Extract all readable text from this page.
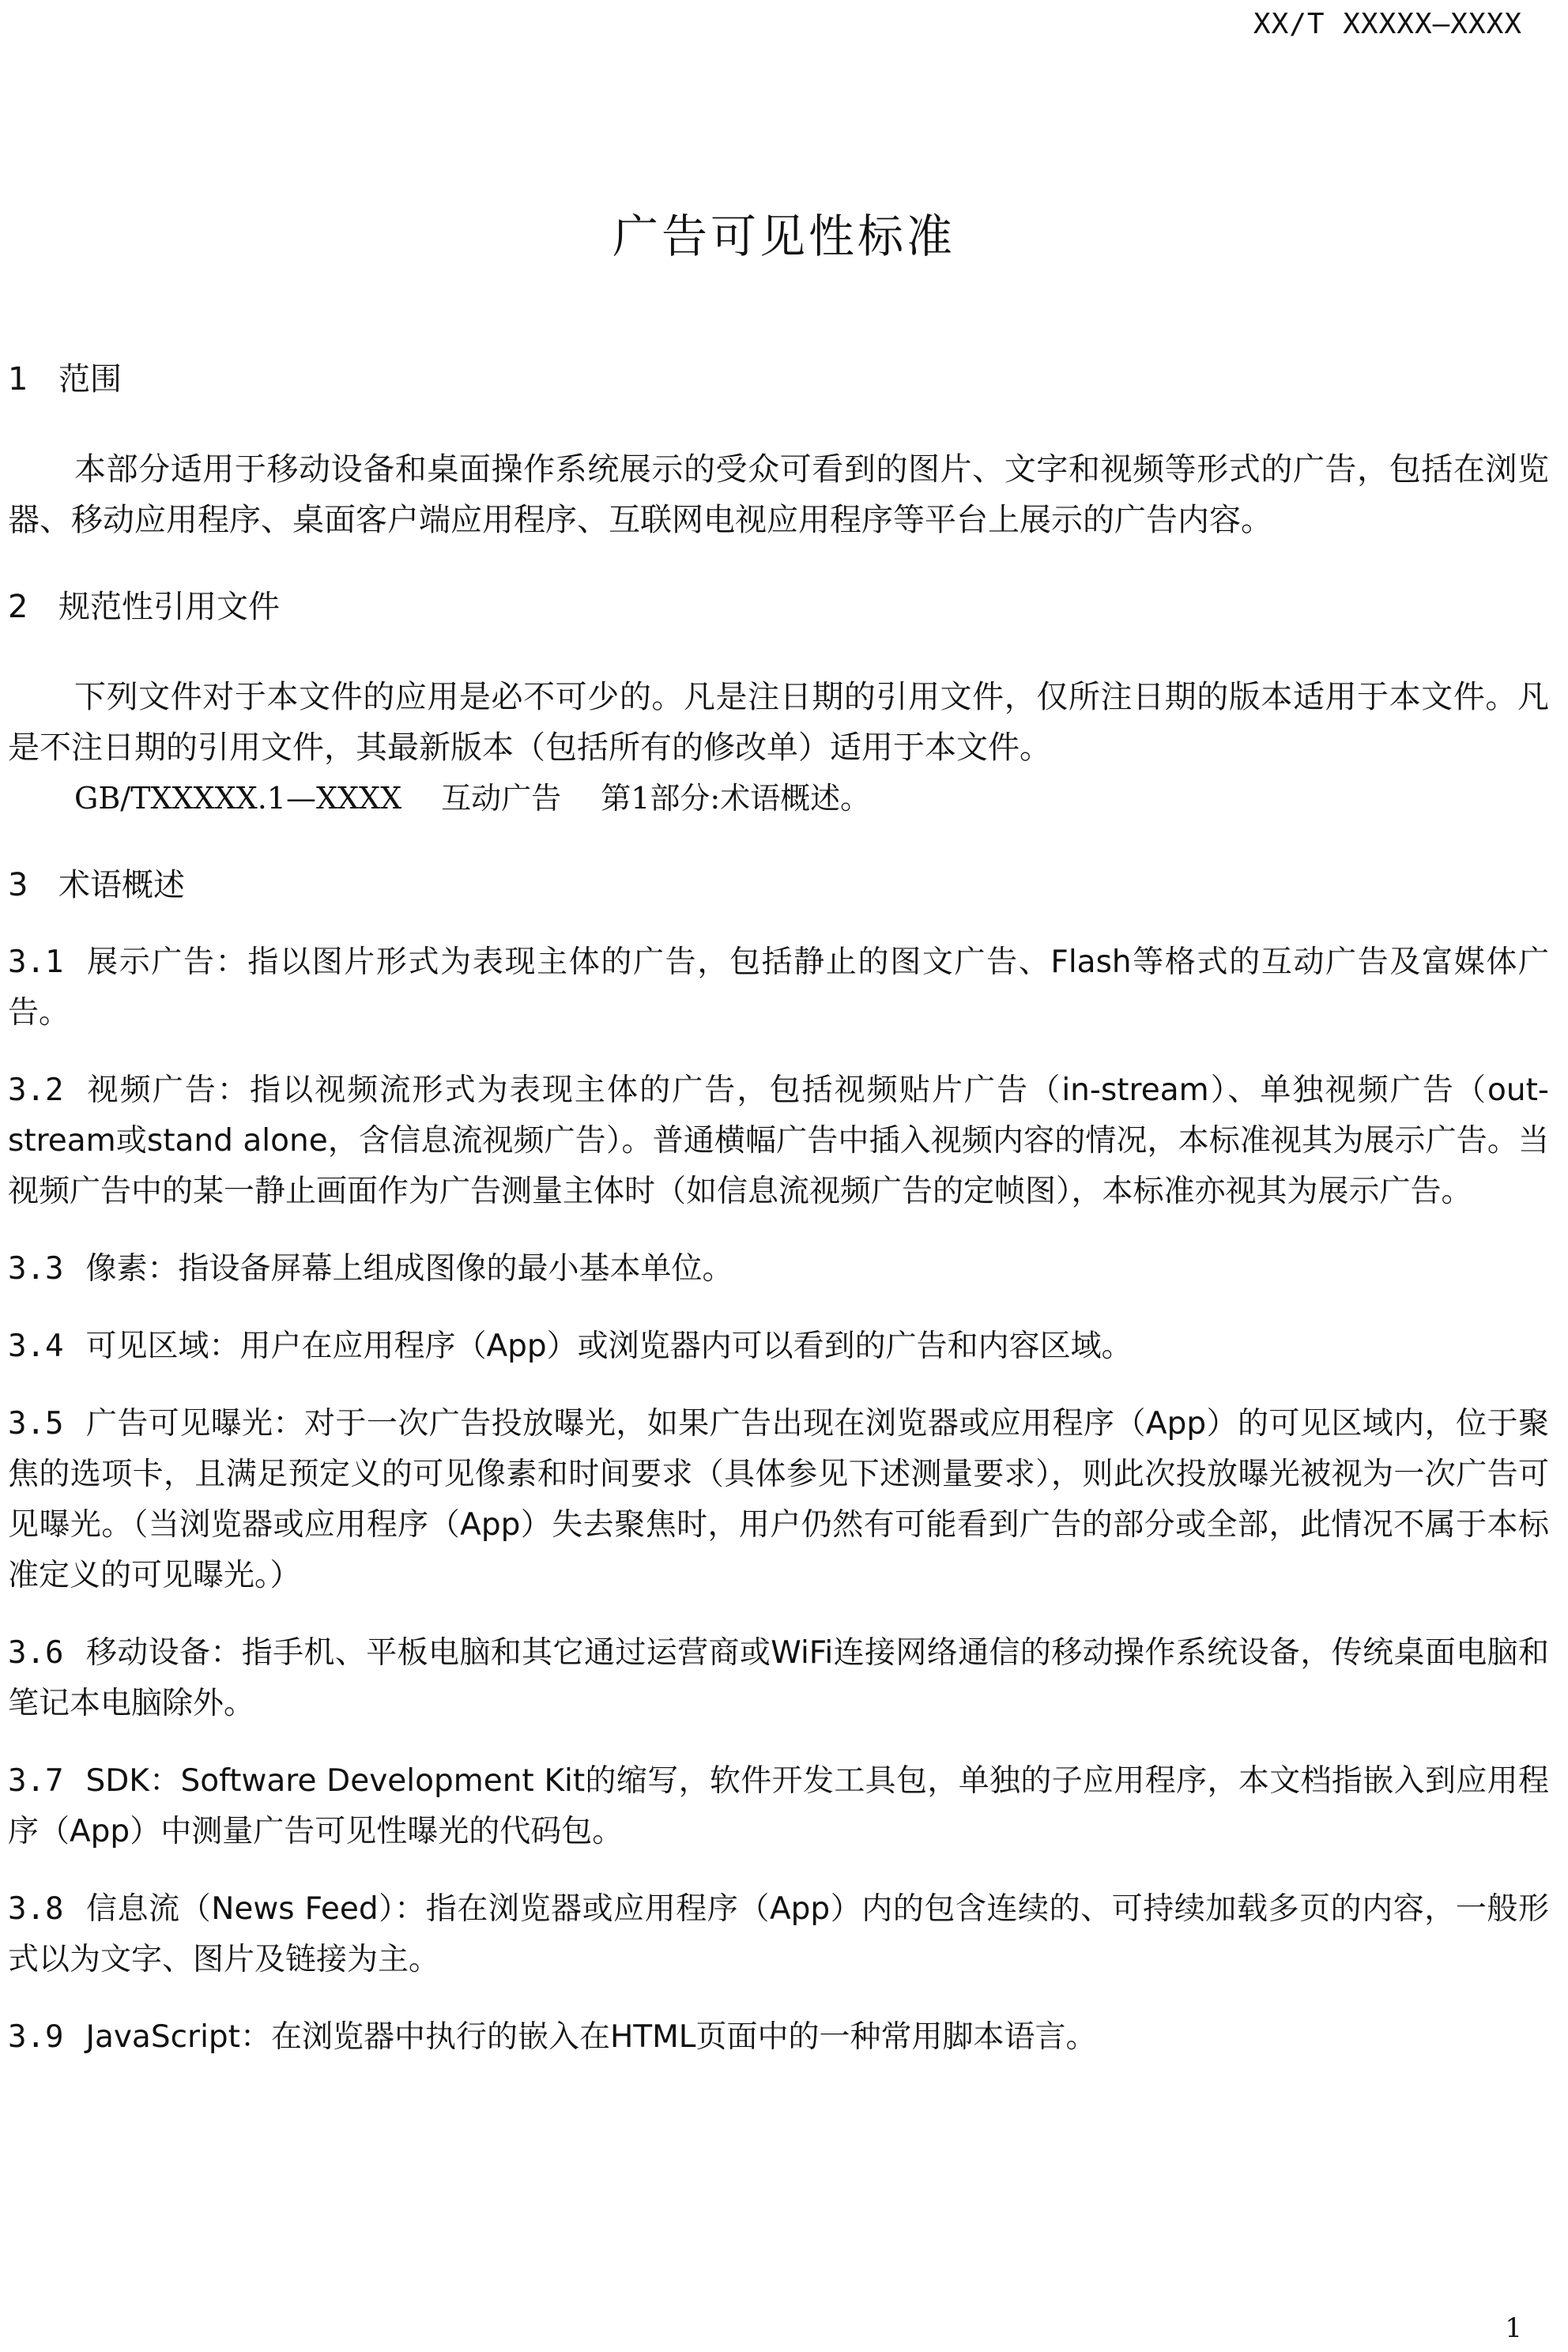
XX/T XXXXX—XXXX
广告可见性标准
1 范围

本部分适用于移动设备和桌面操作系统展示的受众可看到的图片、文字和视频等形式的广告，包括在浏览器、移动应用程序、桌面客户端应用程序、互联网电视应用程序等平台上展示的广告内容。

2 规范性引用文件

下列文件对于本文件的应用是必不可少的。凡是注日期的引用文件，仅所注日期的版本适用于本文件。凡是不注日期的引用文件，其最新版本（包括所有的修改单）适用于本文件。

GB/TXXXXX.1—XXXX 互动广告 第1部分:术语概述。

3 术语概述

3.1 展示广告：指以图片形式为表现主体的广告，包括静止的图文广告、Flash等格式的互动广告及富媒体广告。

3.2 视频广告：指以视频流形式为表现主体的广告，包括视频贴片广告（in-stream）、单独视频广告（out-stream或stand alone，含信息流视频广告）。普通横幅广告中插入视频内容的情况，本标准视其为展示广告。当视频广告中的某一静止画面作为广告测量主体时（如信息流视频广告的定帧图），本标准亦视其为展示广告。

3.3 像素：指设备屏幕上组成图像的最小基本单位。

3.4 可见区域：用户在应用程序（App）或浏览器内可以看到的广告和内容区域。

3.5 广告可见曝光：对于一次广告投放曝光，如果广告出现在浏览器或应用程序（App）的可见区域内，位于聚焦的选项卡，且满足预定义的可见像素和时间要求（具体参见下述测量要求），则此次投放曝光被视为一次广告可见曝光。（当浏览器或应用程序（App）失去聚焦时，用户仍然有可能看到广告的部分或全部，此情况不属于本标准定义的可见曝光。）

3.6 移动设备：指手机、平板电脑和其它通过运营商或WiFi连接网络通信的移动操作系统设备，传统桌面电脑和笔记本电脑除外。

3.7 SDK：Software Development Kit的缩写，软件开发工具包，单独的子应用程序，本文档指嵌入到应用程序（App）中测量广告可见性曝光的代码包。

3.8 信息流（News Feed）：指在浏览器或应用程序（App）内的包含连续的、可持续加载多页的内容，一般形式以为文字、图片及链接为主。

3.9 JavaScript：在浏览器中执行的嵌入在HTML页面中的一种常用脚本语言。

1
